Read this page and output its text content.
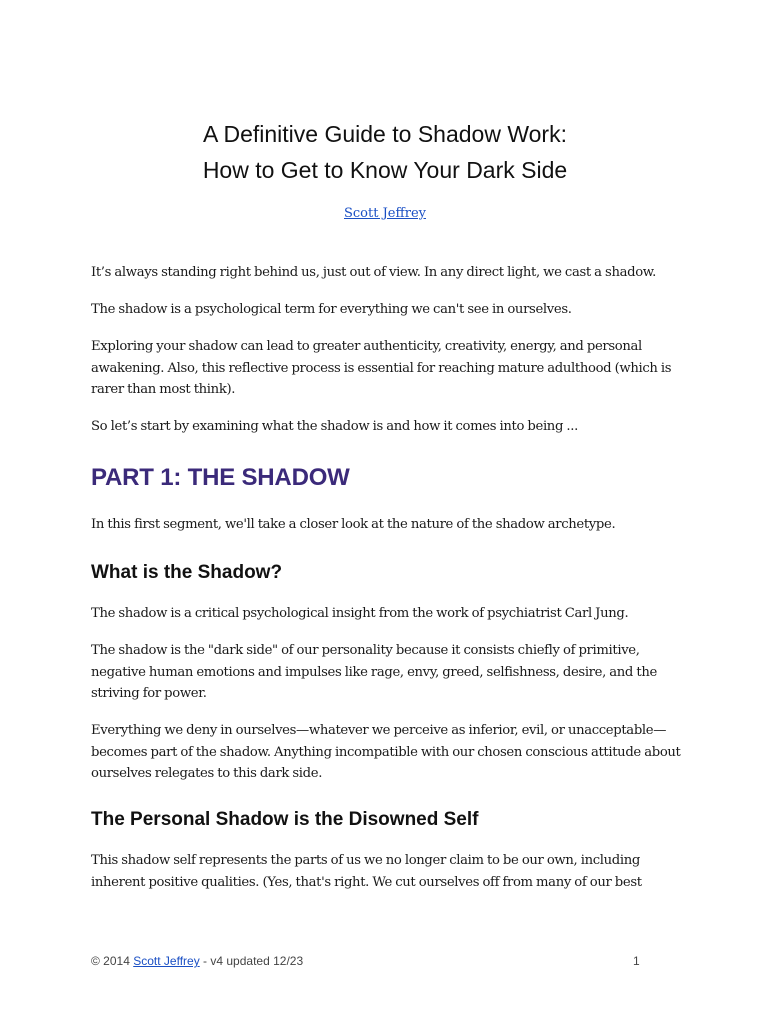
A Definitive Guide to Shadow Work:
How to Get to Know Your Dark Side
Scott Jeffrey

It’s always standing right behind us, just out of view. In any direct light, we cast a shadow.

The shadow is a psychological term for everything we can't see in ourselves.

Exploring your shadow can lead to greater authenticity, creativity, energy, and personal awakening. Also, this reflective process is essential for reaching mature adulthood (which is rarer than most think).

So let’s start by examining what the shadow is and how it comes into being ...

PART 1: THE SHADOW

In this first segment, we'll take a closer look at the nature of the shadow archetype.

What is the Shadow?

The shadow is a critical psychological insight from the work of psychiatrist Carl Jung.

The shadow is the "dark side" of our personality because it consists chiefly of primitive, negative human emotions and impulses like rage, envy, greed, selfishness, desire, and the striving for power.

Everything we deny in ourselves—whatever we perceive as inferior, evil, or unacceptable—becomes part of the shadow. Anything incompatible with our chosen conscious attitude about ourselves relegates to this dark side.

The Personal Shadow is the Disowned Self

This shadow self represents the parts of us we no longer claim to be our own, including inherent positive qualities. (Yes, that's right. We cut ourselves off from many of our best

© 2014 Scott Jeffrey - v4 updated 12/23	1
